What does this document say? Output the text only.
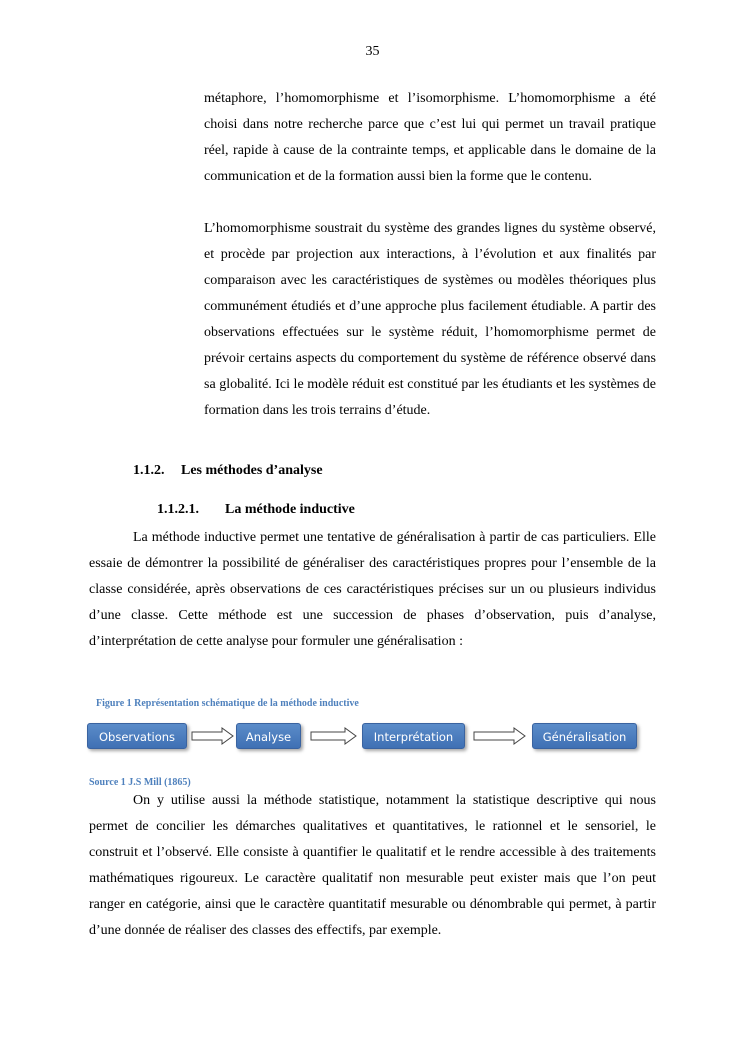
35

métaphore, l’homomorphisme et l’isomorphisme. L’homomorphisme a été choisi dans notre recherche parce que c’est lui qui permet un travail pratique réel, rapide à cause de la contrainte temps, et applicable dans le domaine de la communication et de la formation aussi bien la forme que le contenu.

L’homomorphisme soustrait du système des grandes lignes du système observé, et procède par projection aux interactions, à l’évolution et aux finalités par comparaison avec les caractéristiques de systèmes ou modèles théoriques plus communément étudiés et d’une approche plus facilement étudiable. A partir des observations effectuées sur le système réduit, l’homomorphisme permet de prévoir certains aspects du comportement du système de référence observé dans sa globalité. Ici le modèle réduit est constitué par les étudiants et les systèmes de formation dans les trois terrains d’étude.

1.1.2. Les méthodes d’analyse
1.1.2.1. La méthode inductive

La méthode inductive permet une tentative de généralisation à partir de cas particuliers. Elle essaie de démontrer la possibilité de généraliser des caractéristiques propres pour l’ensemble de la classe considérée, après observations de ces caractéristiques précises sur un ou plusieurs individus d’une classe. Cette méthode est une succession de phases d’observation, puis d’analyse, d’interprétation de cette analyse pour formuler une généralisation :

Figure 1 Représentation schématique de la méthode inductive
Observations	Analyse	Interprétation	Généralisation
Source 1 J.S Mill (1865)

On y utilise aussi la méthode statistique, notamment la statistique descriptive qui nous permet de concilier les démarches qualitatives et quantitatives, le rationnel et le sensoriel, le construit et l’observé. Elle consiste à quantifier le qualitatif et le rendre accessible à des traitements mathématiques rigoureux. Le caractère qualitatif non mesurable peut exister mais que l’on peut ranger en catégorie, ainsi que le caractère quantitatif mesurable ou dénombrable qui permet, à partir d’une donnée de réaliser des classes des effectifs, par exemple.
